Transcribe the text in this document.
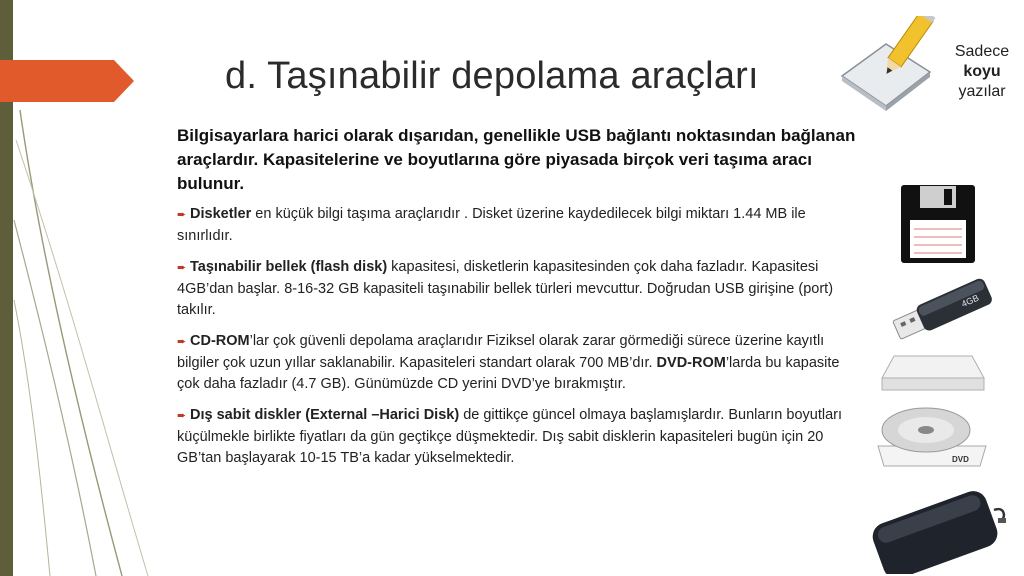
d. Taşınabilir depolama araçları
Sadece
koyu
yazılar

Bilgisayarlara harici olarak dışarıdan, genellikle USB bağlantı noktasından bağlanan araçlardır. Kapasitelerine ve boyutlarına göre piyasada birçok veri taşıma aracı bulunur.

➨ Disketler en küçük bilgi taşıma araçlarıdır . Disket üzerine kaydedilecek bilgi miktarı 1.44 MB ile sınırlıdır.

➨ Taşınabilir bellek (flash disk) kapasitesi, disketlerin kapasitesinden çok daha fazladır. Kapasitesi 4GB’dan başlar. 8-16-32 GB kapasiteli taşınabilir bellek türleri mevcuttur. Doğrudan USB girişine (port) takılır.

➨ CD-ROM’lar çok güvenli depolama araçlarıdır Fiziksel olarak zarar görmediği sürece üzerine kayıtlı bilgiler çok uzun yıllar saklanabilir. Kapasiteleri standart olarak 700 MB’dır. DVD-ROM’larda bu kapasite çok daha fazladır (4.7 GB). Günümüzde CD yerini DVD’ye bırakmıştır.

➨ Dış sabit diskler (External –Harici Disk) de gittikçe güncel olmaya başlamışlardır. Bunların boyutları küçülmekle birlikte fiyatları da gün geçtikçe düşmektedir. Dış sabit disklerin kapasiteleri bugün için 20 GB’tan başlayarak 10-15 TB’a kadar yükselmektedir.

4GB
DVD
